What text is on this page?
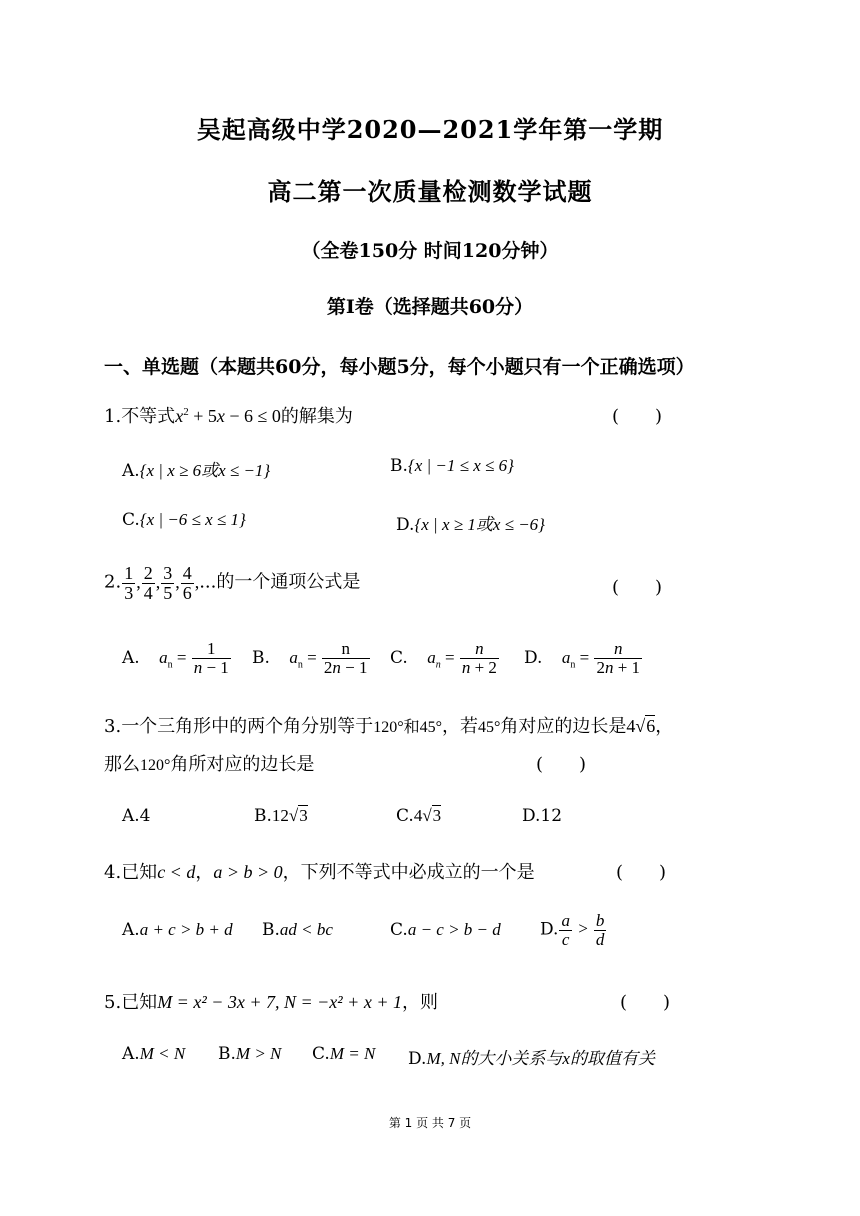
吴起高级中学2020—2021学年第一学期
高二第一次质量检测数学试题
（全卷150分 时间120分钟）
第Ⅰ卷（选择题共60分）
一、单选题（本题共60分，每小题5分，每个小题只有一个正确选项）
1.不等式$x^2 + 5x - 6 \le 0$的解集为	(　　)
A.{x | x ≥ 6或x ≤ −1}	B.{x | −1 ≤ x ≤ 6}
C.{x | −6 ≤ x ≤ 1}	D.{x | x ≥ 1或x ≤ −6}
2. $\frac{1}{3}$ , $\frac{2}{4}$ , $\frac{3}{5}$ , $\frac{4}{6}$ ,...的一个通项公式是	(　　)
A. $a_n = \frac{1}{n - 1} B$. $a_n = \frac{n}{2n - 1} C$. $a_n = \frac{n}{n + 2} D$. $a_n = \frac{n}{2n + 1}$
3.一个三角形中的两个角分别等于120°和45°，若45°角对应的边长是4√6，
那么120°角所对应的边长是	(　　)
A.4	B.12√3	C.4√3	D.12
4.已知c < d，a > b > 0，下列不等式中必成立的一个是	(　　)
A.a + c > b + d B.ad < bc	C.a − c > b − d D. $\frac{a}{c} > \frac{b}{d}$
5.已知M = x² − 3x + 7, N = −x² + x + 1，则	(　　)
A.M < N B.M > N C.M = N D.M, N的大小关系与x的取值有关
第 1 页 共 7 页
